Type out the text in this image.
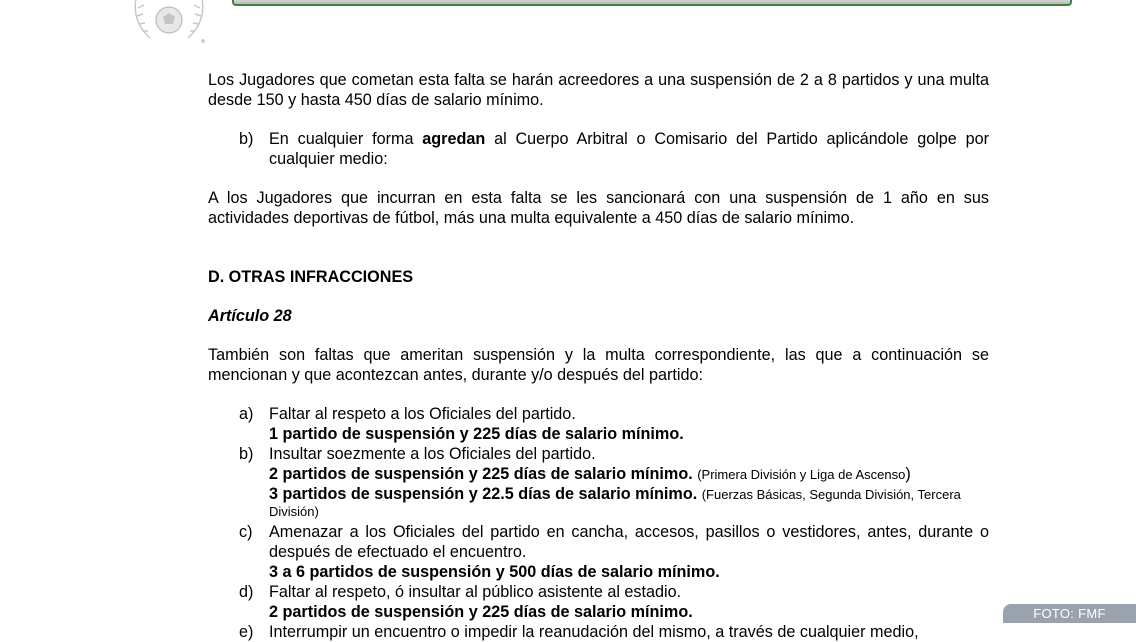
Los Jugadores que cometan esta falta se harán acreedores a una suspensión de 2 a 8 partidos y una multa desde 150 y hasta 450 días de salario mínimo.

b) En cualquier forma agredan al Cuerpo Arbitral o Comisario del Partido aplicándole golpe por cualquier medio:

A los Jugadores que incurran en esta falta se les sancionará con una suspensión de 1 año en sus actividades deportivas de fútbol, más una multa equivalente a 450 días de salario mínimo.

D. OTRAS INFRACCIONES

Artículo 28

También son faltas que ameritan suspensión y la multa correspondiente, las que a continuación se mencionan y que acontezcan antes, durante y/o después del partido:

a) Faltar al respeto a los Oficiales del partido.
1 partido de suspensión y 225 días de salario mínimo.
b) Insultar soezmente a los Oficiales del partido.
2 partidos de suspensión y 225 días de salario mínimo. (Primera División y Liga de Ascenso)
3 partidos de suspensión y 22.5 días de salario mínimo. (Fuerzas Básicas, Segunda División, Tercera División)
c)	Amenazar a los Oficiales del partido en cancha, accesos, pasillos o vestidores, antes, durante o después de efectuado el encuentro.
3 a 6 partidos de suspensión y 500 días de salario mínimo.
d) Faltar al respeto, ó insultar al público asistente al estadio.
2 partidos de suspensión y 225 días de salario mínimo.
e) Interrumpir un encuentro o impedir la reanudación del mismo, a través de cualquier medio,
FOTO: FMF
